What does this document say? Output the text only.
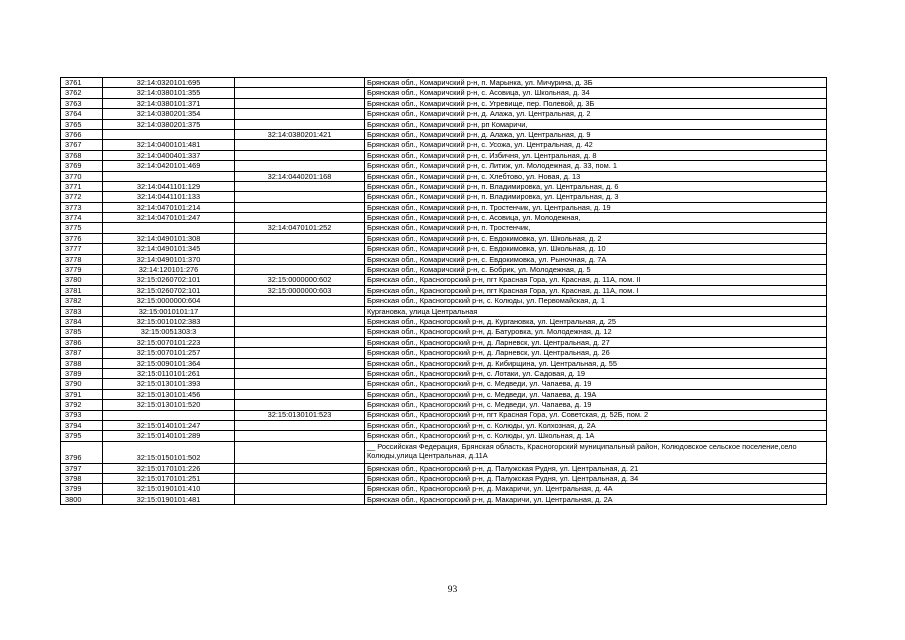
3761	32:14:0320101:695		Брянская обл., Комаричский р-н, п. Марынка, ул. Мичурина, д. 3Б
3762	32:14:0380101:355		Брянская обл., Комаричский р-н, с. Асовица, ул. Школьная, д. 34
3763	32:14:0380101:371		Брянская обл., Комаричский р-н, с. Угревище, пер. Полевой, д. 3Б
3764	32:14:0380201:354		Брянская обл., Комаричский р-н, д. Алажа, ул. Центральная, д. 2
3765	32:14:0380201:375		Брянская обл., Комаричский р-н, рп Комаричи,
3766		32:14:0380201:421	Брянская обл., Комаричский р-н, д. Алажа, ул. Центральная, д. 9
3767	32:14:0400101:481		Брянская обл., Комаричский р-н, с. Усожа, ул. Центральная, д. 42
3768	32:14:0400401:337		Брянская обл., Комаричский р-н, с. Избичня, ул. Центральная, д. 8
3769	32:14:0420101:469		Брянская обл., Комаричский р-н, с. Литиж, ул. Молодежная, д. 33, пом. 1
3770		32:14:0440201:168	Брянская обл., Комаричский р-н, с. Хлебтово, ул. Новая, д. 13
3771	32:14:0441101:129		Брянская обл., Комаричский р-н, п. Владимировка, ул. Центральная, д. 6
3772	32:14:0441101:133		Брянская обл., Комаричский р-н, п. Владимировка, ул. Центральная, д. 3
3773	32:14:0470101:214		Брянская обл., Комаричский р-н, п. Тростенчик, ул. Центральная, д. 19
3774	32:14:0470101:247		Брянская обл., Комаричский р-н, с. Асовица, ул. Молодежная,
3775		32:14:0470101:252	Брянская обл., Комаричский р-н, п. Тростенчик,
3776	32:14:0490101:308		Брянская обл., Комаричский р-н, с. Евдокимовка, ул. Школьная, д. 2
3777	32:14:0490101:345		Брянская обл., Комаричский р-н, с. Евдокимовка, ул. Школьная, д. 10
3778	32:14:0490101:370		Брянская обл., Комаричский р-н, с. Евдокимовка, ул. Рыночная, д. 7А
3779	32:14:120101:276		Брянская обл., Комаричский р-н, с. Бобрик, ул. Молодежная, д. 5
3780	32:15:0260702:101	32:15:0000000:602	Брянская обл., Красногорский р-н, пгт Красная Гора, ул. Красная, д. 11А, пом. II
3781	32:15:0260702:101	32:15:0000000:603	Брянская обл., Красногорский р-н, пгт Красная Гора, ул. Красная, д. 11А, пом. I
3782	32:15:0000000:604		Брянская обл., Красногорский р-н, с. Колюды, ул. Первомайская, д. 1
3783	32:15:0010101:17		Кургановка, улица Центральная
3784	32:15:0010102:383		Брянская обл., Красногорский р-н, д. Кургановка, ул. Центральная, д. 25
3785	32:15:0051303:3		Брянская обл., Красногорский р-н, д. Батуровка, ул. Молодежная, д. 12
3786	32:15:0070101:223		Брянская обл., Красногорский р-н, д. Ларневск, ул. Центральная, д. 27
3787	32:15:0070101:257		Брянская обл., Красногорский р-н, д. Ларневск, ул. Центральная, д. 26
3788	32:15:0090101:364		Брянская обл., Красногорский р-н, д. Кибирщина, ул. Центральная, д. 55
3789	32:15:0110101:261		Брянская обл., Красногорский р-н, с. Лотаки, ул. Садовая, д. 19
3790	32:15:0130101:393		Брянская обл., Красногорский р-н, с. Медведи, ул. Чапаева, д. 19
3791	32:15:0130101:456		Брянская обл., Красногорский р-н, с. Медведи, ул. Чапаева, д. 19А
3792	32:15:0130101:520		Брянская обл., Красногорский р-н, с. Медведи, ул. Чапаева, д. 19
3793		32:15:0130101:523	Брянская обл., Красногорский р-н, пгт Красная Гора, ул. Советская, д. 52Б, пом. 2
3794	32:15:0140101:247		Брянская обл., Красногорский р-н, с. Колюды, ул. Колхозная, д. 2А
3795	32:15:0140101:289		Брянская обл., Красногорский р-н, с. Колюды, ул. Школьная, д. 1А
3796	32:15:0150101:502		__ Российская Федерация, Брянская область, Красногорский муниципальный район, Колюдовское сельское поселение,село Колюды,улица Центральная, д.11А
3797	32:15:0170101:226		Брянская обл., Красногорский р-н, д. Палужская Рудня, ул. Центральная, д. 21
3798	32:15:0170101:251		Брянская обл., Красногорский р-н, д. Палужская Рудня, ул. Центральная, д. 34
3799	32:15:0190101:410		Брянская обл., Красногорский р-н, д. Макаричи, ул. Центральная, д. 4А
3800	32:15:0190101:481		Брянская обл., Красногорский р-н, д. Макаричи, ул. Центральная, д. 2А
93
